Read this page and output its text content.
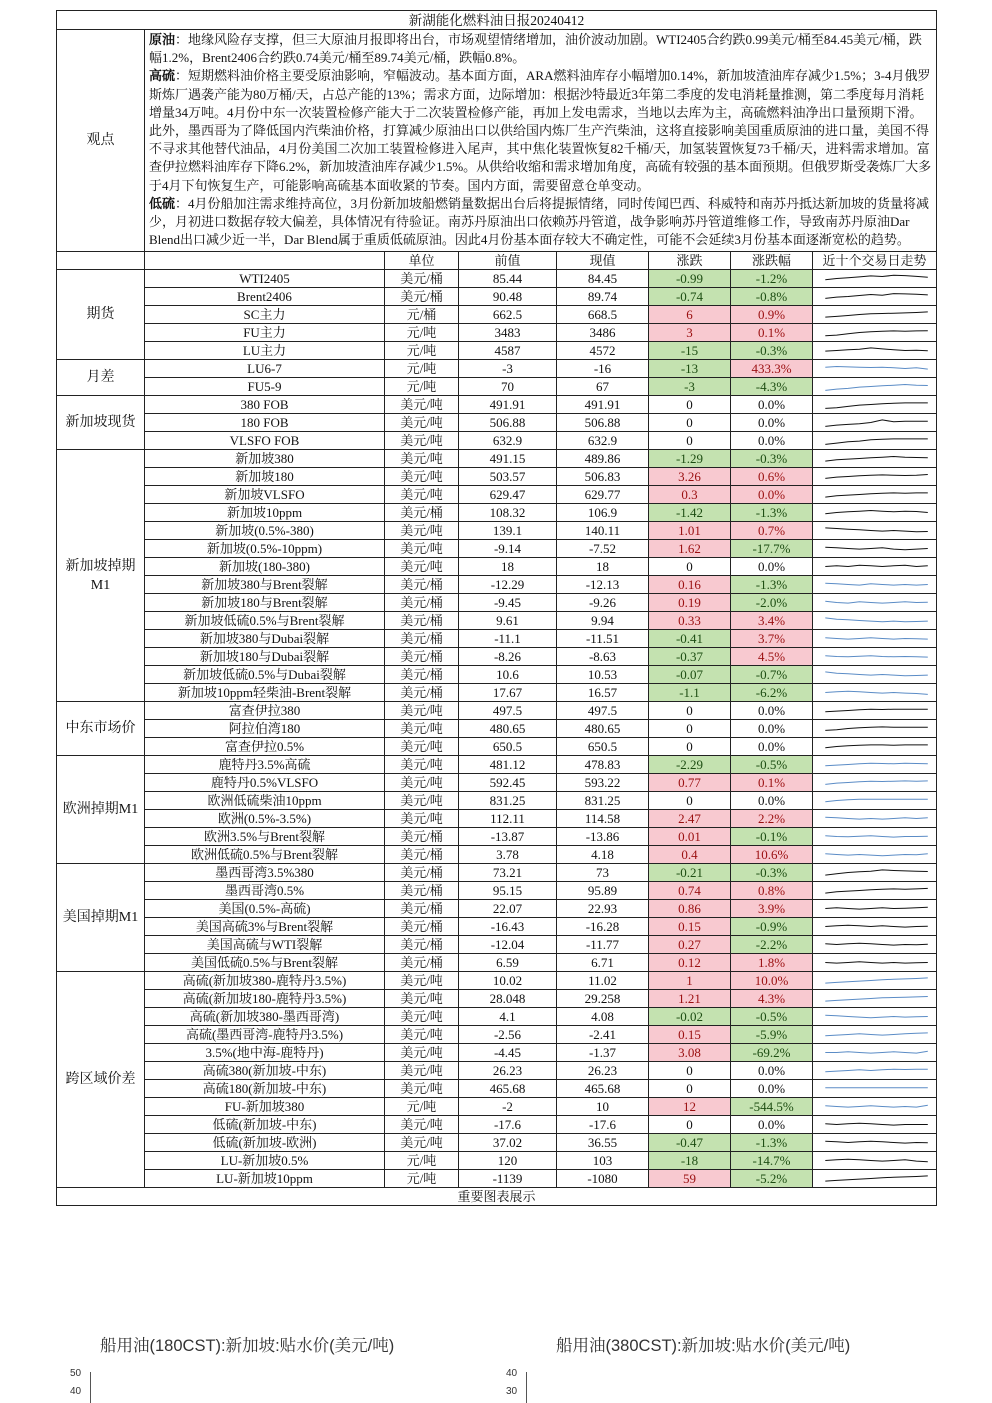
新湖能化燃料油日报20240412							
观点	原油：地缘风险存支撑，但三大原油月报即将出台，市场观望情绪增加，油价波动加剧。WTI2405合约跌0.99美元/桶至84.45美元/桶，跌幅1.2%，Brent2406合约跌0.74美元/桶至89.74美元/桶，跌幅0.8%。

高硫：短期燃料油价格主要受原油影响，窄幅波动。基本面方面，ARA燃料油库存小幅增加0.14%，新加坡渣油库存减少1.5%；3-4月俄罗斯炼厂遇袭产能为80万桶/天，占总产能的13%；需求方面，边际增加：根据沙特最近3年第二季度的发电消耗量推测，第二季度每月消耗增量34万吨。4月份中东一次装置检修产能大于二次装置检修产能，再加上发电需求，当地以去库为主，高硫燃料油净出口量预期下滑。此外，墨西哥为了降低国内汽柴油价格，打算减少原油出口以供给国内炼厂生产汽柴油，这将直接影响美国重质原油的进口量，美国不得不寻求其他替代油品，4月份美国二次加工装置检修进入尾声，其中焦化装置恢复82千桶/天，加氢装置恢复73千桶/天，进料需求增加。富查伊拉燃料油库存下降6.2%，新加坡渣油库存减少1.5%。从供给收缩和需求增加角度，高硫有较强的基本面预期。但俄罗斯受袭炼厂大多于4月下旬恢复生产，可能影响高硫基本面收紧的节奏。国内方面，需要留意仓单变动。

低硫：4月份船加注需求维持高位，3月份新加坡船燃销量数据出台后将提振情绪，同时传闻巴西、科威特和南苏丹抵达新加坡的货量将减少，月初进口数据存较大偏差，具体情况有待验证。南苏丹原油出口依赖苏丹管道，战争影响苏丹管道维修工作，导致南苏丹原油Dar Blend出口减少近一半，Dar Blend属于重质低硫原油。因此4月份基本面存较大不确定性，可能不会延续3月份基本面逐渐宽松的趋势。						

		单位	前值	现值	涨跌	涨跌幅	近十个交易日走势
期货	WTI2405	美元/桶	85.44	84.45	-0.99	-1.2%	

	Brent2406	美元/桶	90.48	89.74	-0.74	-0.8%	

	SC主力	元/桶	662.5	668.5	6	0.9%	

	FU主力	元/吨	3483	3486	3	0.1%	

	LU主力	元/吨	4587	4572	-15	-0.3%	

月差	LU6-7	元/吨	-3	-16	-13	433.3%	

	FU5-9	元/吨	70	67	-3	-4.3%	

新加坡现货	380 FOB	美元/吨	491.91	491.91	0	0.0%	

	180 FOB	美元/吨	506.88	506.88	0	0.0%	

	VLSFO FOB	美元/吨	632.9	632.9	0	0.0%	

新加坡掉期M1	新加坡380	美元/吨	491.15	489.86	-1.29	-0.3%	

	新加坡180	美元/吨	503.57	506.83	3.26	0.6%	

	新加坡VLSFO	美元/吨	629.47	629.77	0.3	0.0%	

	新加坡10ppm	美元/桶	108.32	106.9	-1.42	-1.3%	

	新加坡(0.5%-380)	美元/吨	139.1	140.11	1.01	0.7%	

	新加坡(0.5%-10ppm)	美元/吨	-9.14	-7.52	1.62	-17.7%	

	新加坡(180-380)	美元/吨	18	18	0	0.0%	

	新加坡380与Brent裂解	美元/桶	-12.29	-12.13	0.16	-1.3%	

	新加坡180与Brent裂解	美元/桶	-9.45	-9.26	0.19	-2.0%	

	新加坡低硫0.5%与Brent裂解	美元/桶	9.61	9.94	0.33	3.4%	

	新加坡380与Dubai裂解	美元/桶	-11.1	-11.51	-0.41	3.7%	

	新加坡180与Dubai裂解	美元/桶	-8.26	-8.63	-0.37	4.5%	

	新加坡低硫0.5%与Dubai裂解	美元/桶	10.6	10.53	-0.07	-0.7%	

	新加坡10ppm轻柴油-Brent裂解	美元/桶	17.67	16.57	-1.1	-6.2%	

中东市场价	富查伊拉380	美元/吨	497.5	497.5	0	0.0%	

	阿拉伯湾180	美元/吨	480.65	480.65	0	0.0%	

	富查伊拉0.5%	美元/吨	650.5	650.5	0	0.0%	

欧洲掉期M1	鹿特丹3.5%高硫	美元/吨	481.12	478.83	-2.29	-0.5%	

	鹿特丹0.5%VLSFO	美元/吨	592.45	593.22	0.77	0.1%	

	欧洲低硫柴油10ppm	美元/吨	831.25	831.25	0	0.0%	

	欧洲(0.5%-3.5%)	美元/吨	112.11	114.58	2.47	2.2%	

	欧洲3.5%与Brent裂解	美元/桶	-13.87	-13.86	0.01	-0.1%	

	欧洲低硫0.5%与Brent裂解	美元/桶	3.78	4.18	0.4	10.6%	

美国掉期M1	墨西哥湾3.5%380	美元/桶	73.21	73	-0.21	-0.3%	

	墨西哥湾0.5%	美元/桶	95.15	95.89	0.74	0.8%	

	美国(0.5%-高硫)	美元/桶	22.07	22.93	0.86	3.9%	

	美国高硫3%与Brent裂解	美元/桶	-16.43	-16.28	0.15	-0.9%	

	美国高硫与WTI裂解	美元/桶	-12.04	-11.77	0.27	-2.2%	

	美国低硫0.5%与Brent裂解	美元/桶	6.59	6.71	0.12	1.8%	

跨区域价差	高硫(新加坡380-鹿特丹3.5%)	美元/吨	10.02	11.02	1	10.0%	

	高硫(新加坡180-鹿特丹3.5%)	美元/吨	28.048	29.258	1.21	4.3%	

	高硫(新加坡380-墨西哥湾)	美元/吨	4.1	4.08	-0.02	-0.5%	

	高硫(墨西哥湾-鹿特丹3.5%)	美元/吨	-2.56	-2.41	0.15	-5.9%	

	3.5%(地中海-鹿特丹)	美元/吨	-4.45	-1.37	3.08	-69.2%	

	高硫380(新加坡-中东)	美元/吨	26.23	26.23	0	0.0%	

	高硫180(新加坡-中东)	美元/吨	465.68	465.68	0	0.0%	

	FU-新加坡380	元/吨	-2	10	12	-544.5%	

	低硫(新加坡-中东)	美元/吨	-17.6	-17.6	0	0.0%	

	低硫(新加坡-欧洲)	美元/吨	37.02	36.55	-0.47	-1.3%	

	LU-新加坡0.5%	元/吨	120	103	-18	-14.7%	

	LU-新加坡10ppm	元/吨	-1139	-1080	59	-5.2%	

重要图表展示							
船用油(180CST):新加坡:贴水价(美元/吨)	船用油(380CST):新加坡:贴水价(美元/吨)
50
40
40
30
